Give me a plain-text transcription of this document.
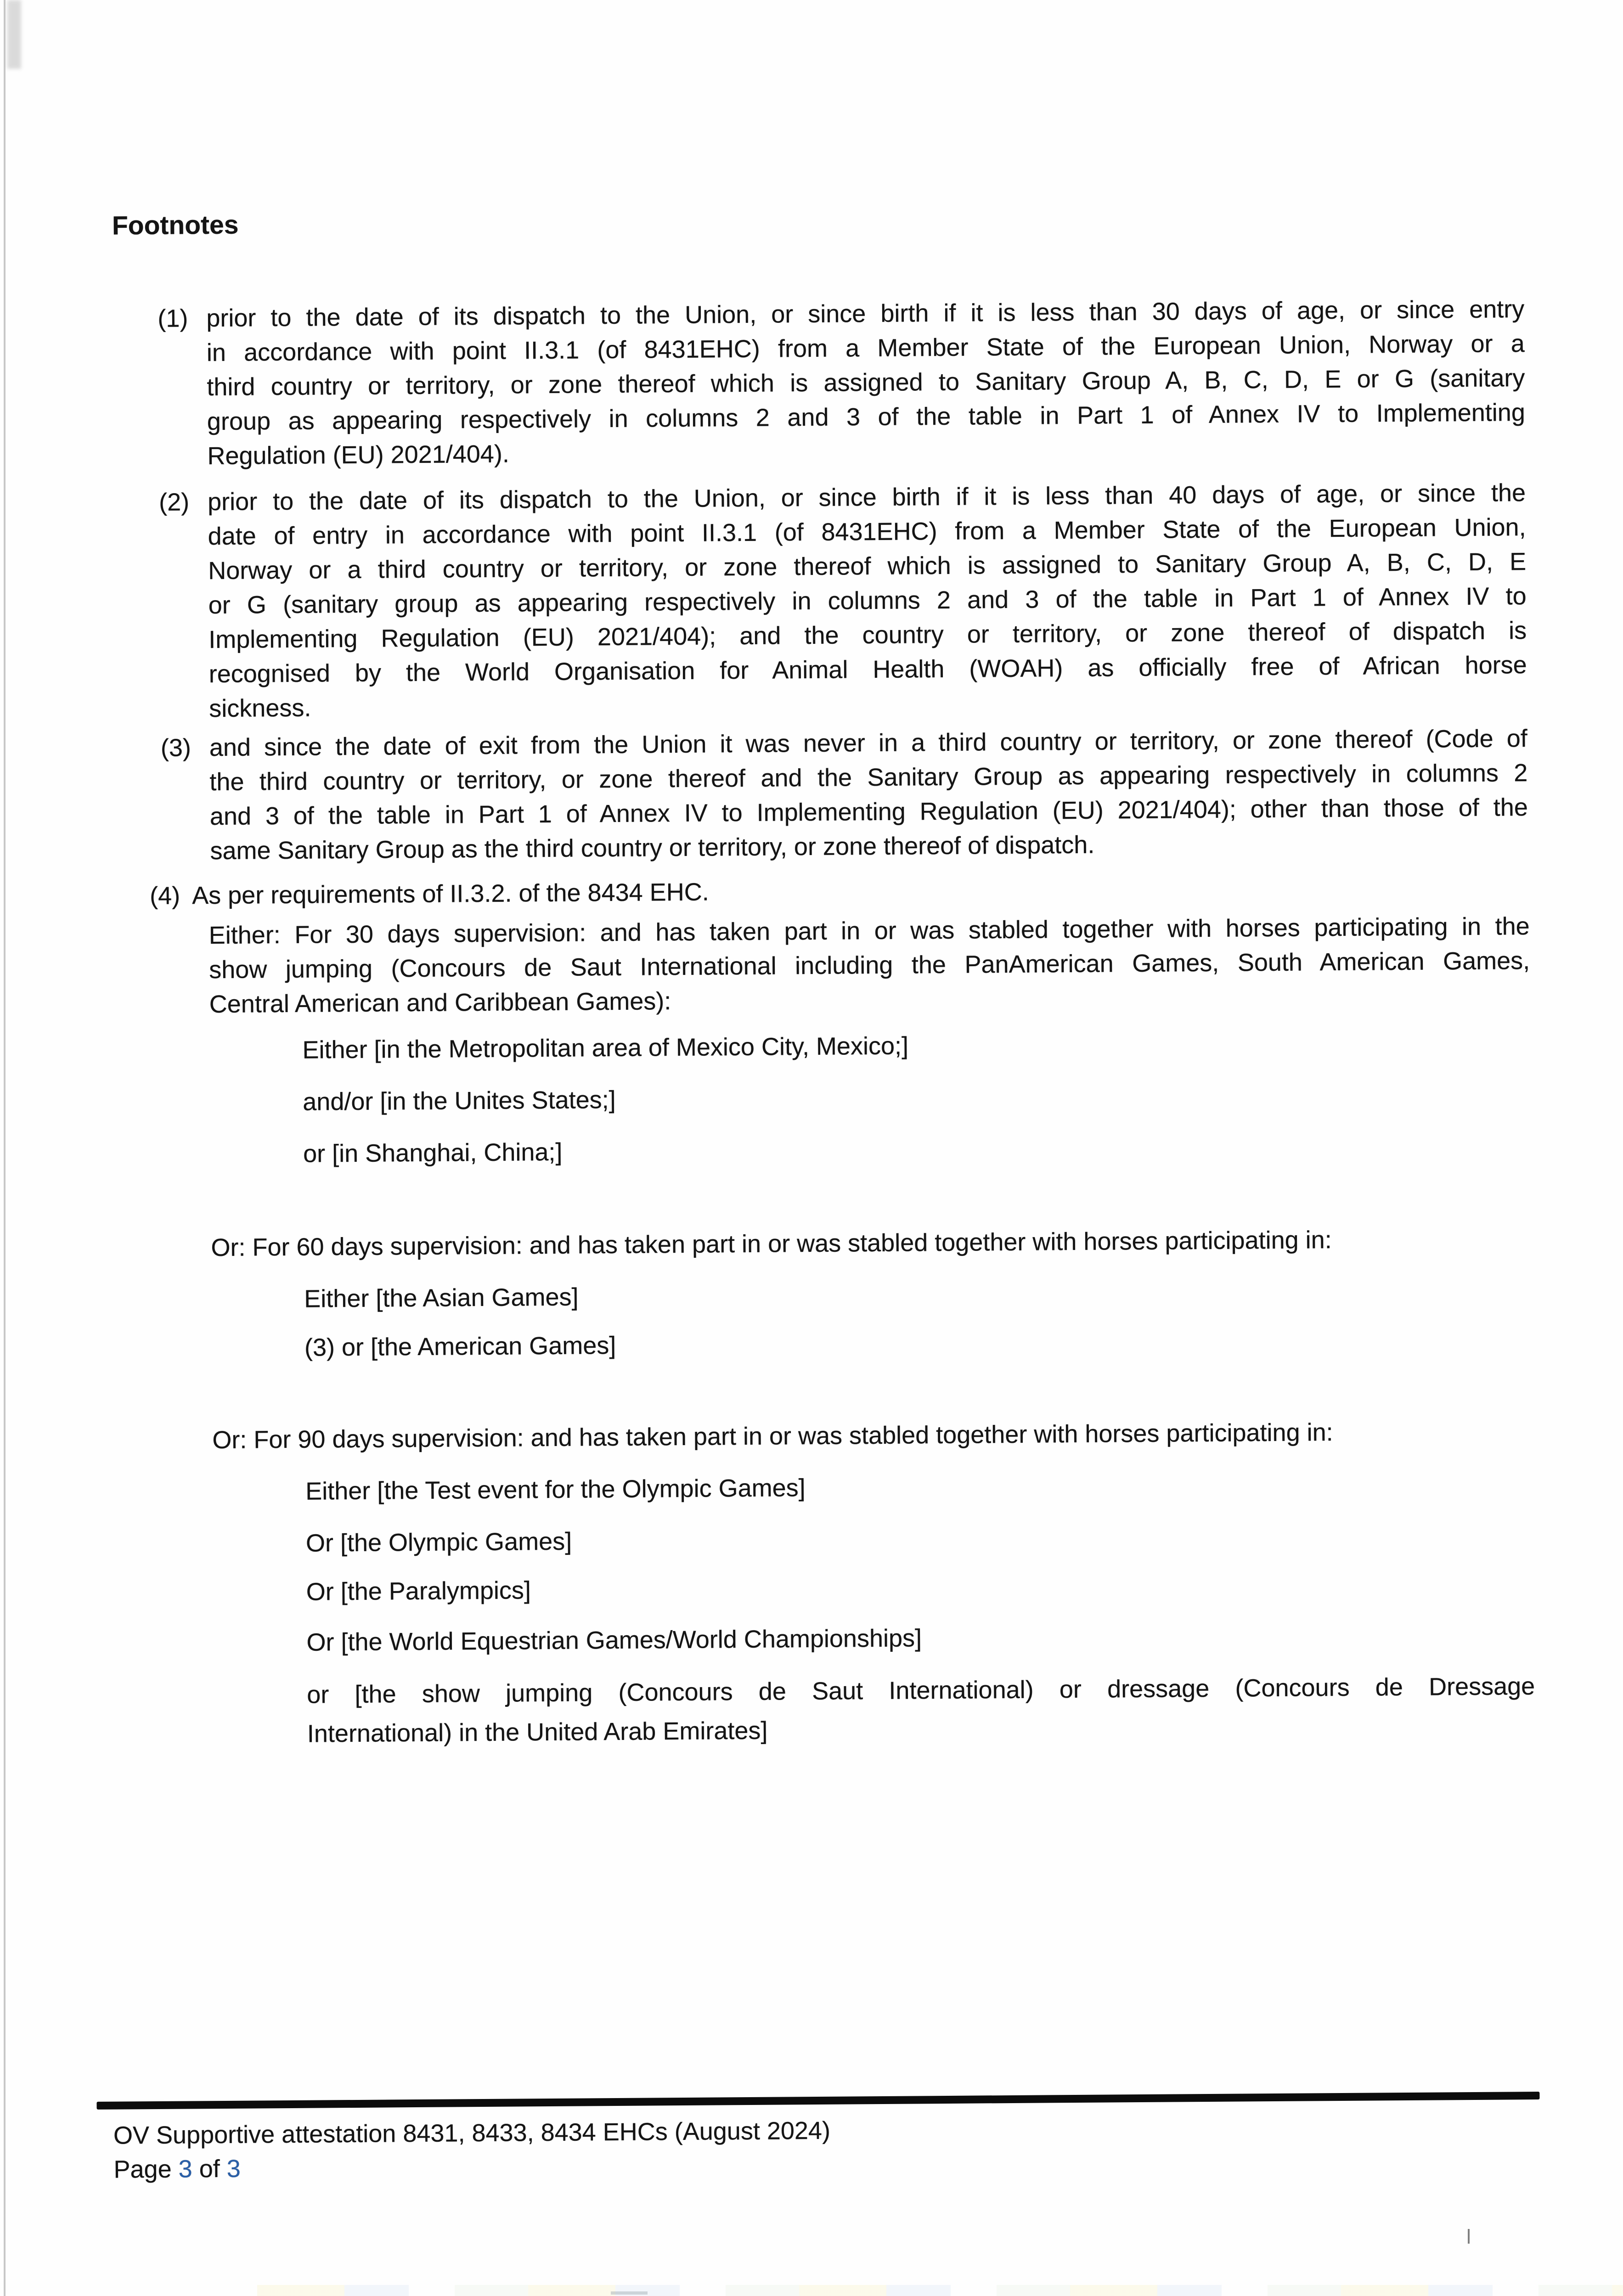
Footnotes
(1) prior to the date of its dispatch to the Union, or since birth if it is less than 30 days of age, or since entry
in accordance with point II.3.1 (of 8431EHC) from a Member State of the European Union, Norway or a
third country or territory, or zone thereof which is assigned to Sanitary Group A, B, C, D, E or G (sanitary
group as appearing respectively in columns 2 and 3 of the table in Part 1 of Annex IV to Implementing
Regulation (EU) 2021/404).
(2) prior to the date of its dispatch to the Union, or since birth if it is less than 40 days of age, or since the
date of entry in accordance with point II.3.1 (of 8431EHC) from a Member State of the European Union,
Norway or a third country or territory, or zone thereof which is assigned to Sanitary Group A, B, C, D, E
or G (sanitary group as appearing respectively in columns 2 and 3 of the table in Part 1 of Annex IV to
Implementing Regulation (EU) 2021/404); and the country or territory, or zone thereof of dispatch is
recognised by the World Organisation for Animal Health (WOAH) as officially free of African horse
sickness.
(3) and since the date of exit from the Union it was never in a third country or territory, or zone thereof (Code of
the third country or territory, or zone thereof and the Sanitary Group as appearing respectively in columns 2
and 3 of the table in Part 1 of Annex IV to Implementing Regulation (EU) 2021/404); other than those of the
same Sanitary Group as the third country or territory, or zone thereof of dispatch.
(4) As per requirements of II.3.2. of the 8434 EHC.
Either: For 30 days supervision: and has taken part in or was stabled together with horses participating in the
show jumping (Concours de Saut International including the PanAmerican Games, South American Games,
Central American and Caribbean Games):
Either [in the Metropolitan area of Mexico City, Mexico;]
and/or [in the Unites States;]
or [in Shanghai, China;]
Or: For 60 days supervision: and has taken part in or was stabled together with horses participating in:
Either [the Asian Games]
(3) or [the American Games]
Or: For 90 days supervision: and has taken part in or was stabled together with horses participating in:
Either [the Test event for the Olympic Games]
Or [the Olympic Games]
Or [the Paralympics]
Or [the World Equestrian Games/World Championships]
or [the show jumping (Concours de Saut International) or dressage (Concours de Dressage
International) in the United Arab Emirates]
OV Supportive attestation 8431, 8433, 8434 EHCs (August 2024)
Page 3 of 3
